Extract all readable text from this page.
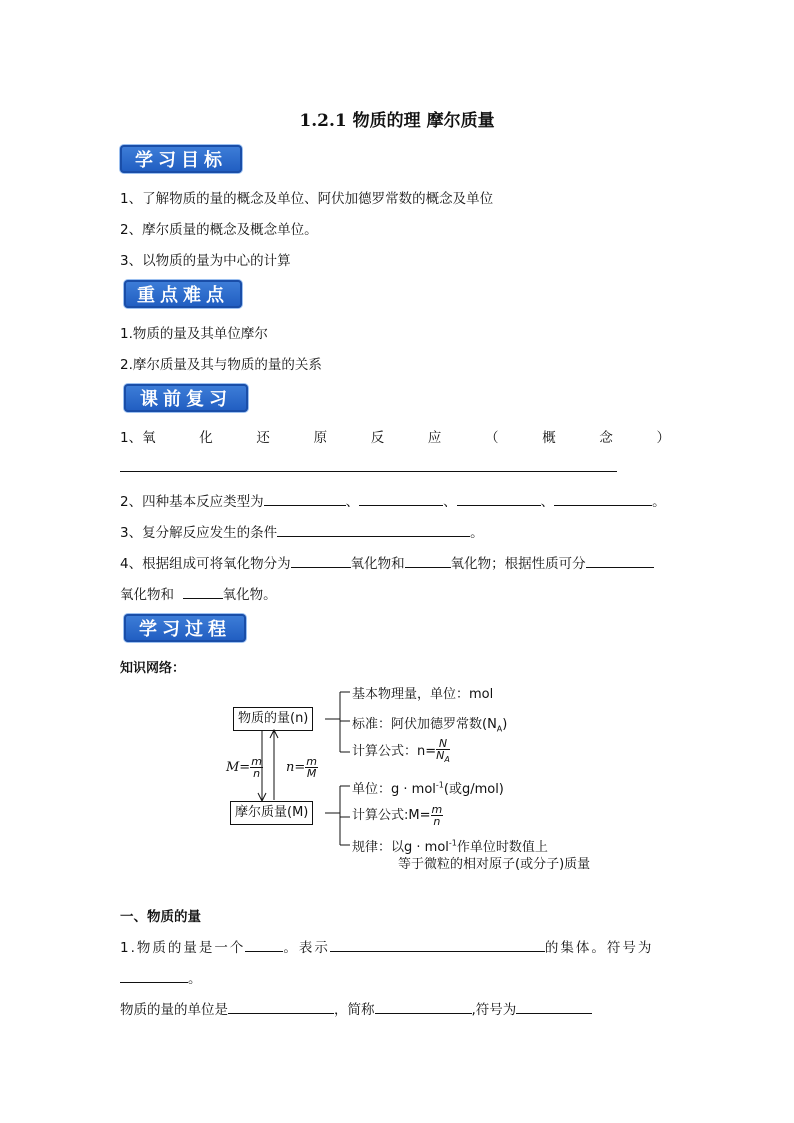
1.2.1 物质的理 摩尔质量
学习目标
1、了解物质的量的概念及单位、阿伏加德罗常数的概念及单位
2、摩尔质量的概念及概念单位。
3、以物质的量为中心的计算
重点难点
1.物质的量及其单位摩尔
2.摩尔质量及其与物质的量的关系
课前复习
1、氧	化	还	原	反	应	（	概	念	）
2、四种基本反应类型为	、	、	、	。
3、复分解反应发生的条件	。
4、根据组成可将氧化物分为	氧化物和	氧化物；根据性质可分
氧化物和	氧化物。
学习过程
知识网络：
物质的量(n)
摩尔质量(M)
基本物理量，单位：mol
标准：阿伏加德罗常数$(N_A)$
计算公式：$n= \frac{N}{N_A}$
$M= \frac{m}{n} n= \frac{m}{M}$
单位：g · mol$^{-1}$(或g/mol)
计算公式:M= $\frac{m}{n}$
规律：以g · mol$^{-1}$作单位时数值上
等于微粒的相对原子(或分子)质量
一、物质的量
1.物质的量是一个	。表示	的集体。符号为
。
物质的量的单位是	，简称	,符号为
